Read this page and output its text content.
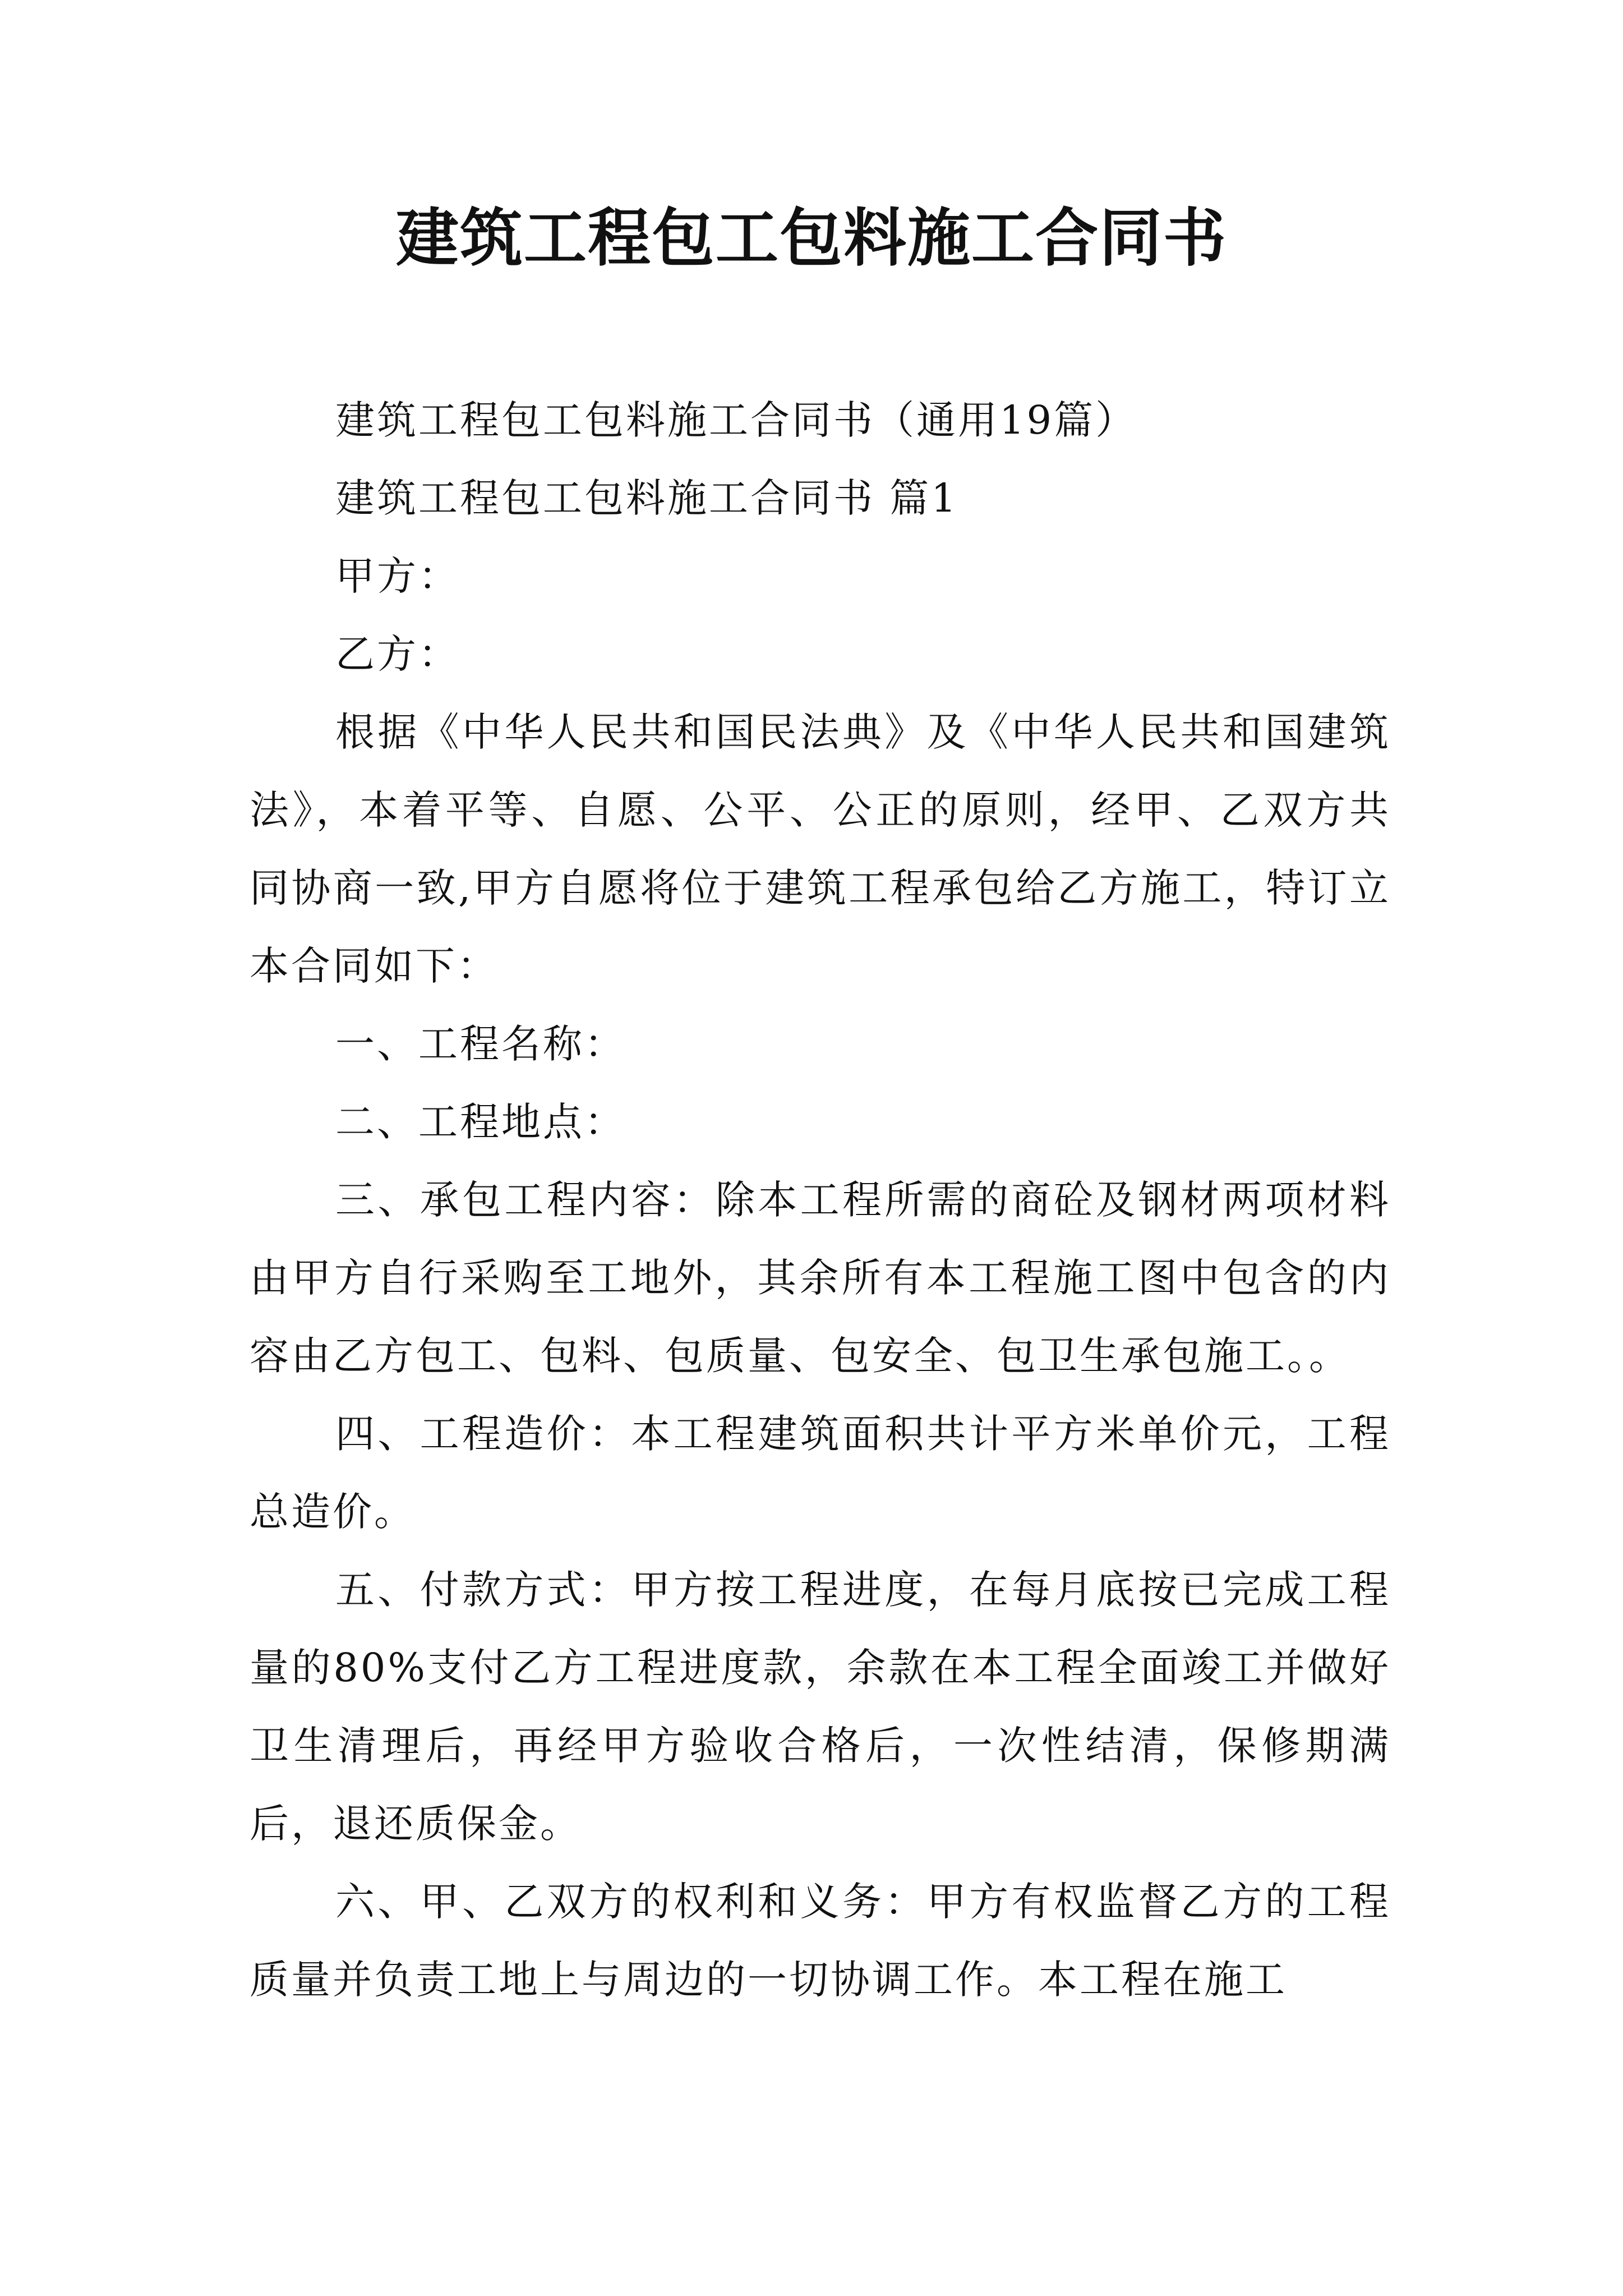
建筑工程包工包料施工合同书

建筑工程包工包料施工合同书（通用19篇）

建筑工程包工包料施工合同书 篇1

甲方：

乙方：

根据《中华人民共和国民法典》及《中华人民共和国建筑法》，本着平等、自愿、公平、公正的原则，经甲、乙双方共同协商一致,甲方自愿将位于建筑工程承包给乙方施工，特订立本合同如下：

一、工程名称：

二、工程地点：

三、承包工程内容：除本工程所需的商砼及钢材两项材料由甲方自行采购至工地外，其余所有本工程施工图中包含的内容由乙方包工、包料、包质量、包安全、包卫生承包施工。。

四、工程造价：本工程建筑面积共计平方米单价元，工程总造价。

五、付款方式：甲方按工程进度，在每月底按已完成工程量的80%支付乙方工程进度款，余款在本工程全面竣工并做好卫生清理后，再经甲方验收合格后，一次性结清，保修期满后，退还质保金。

六、甲、乙双方的权利和义务：甲方有权监督乙方的工程质量并负责工地上与周边的一切协调工作。本工程在施工
